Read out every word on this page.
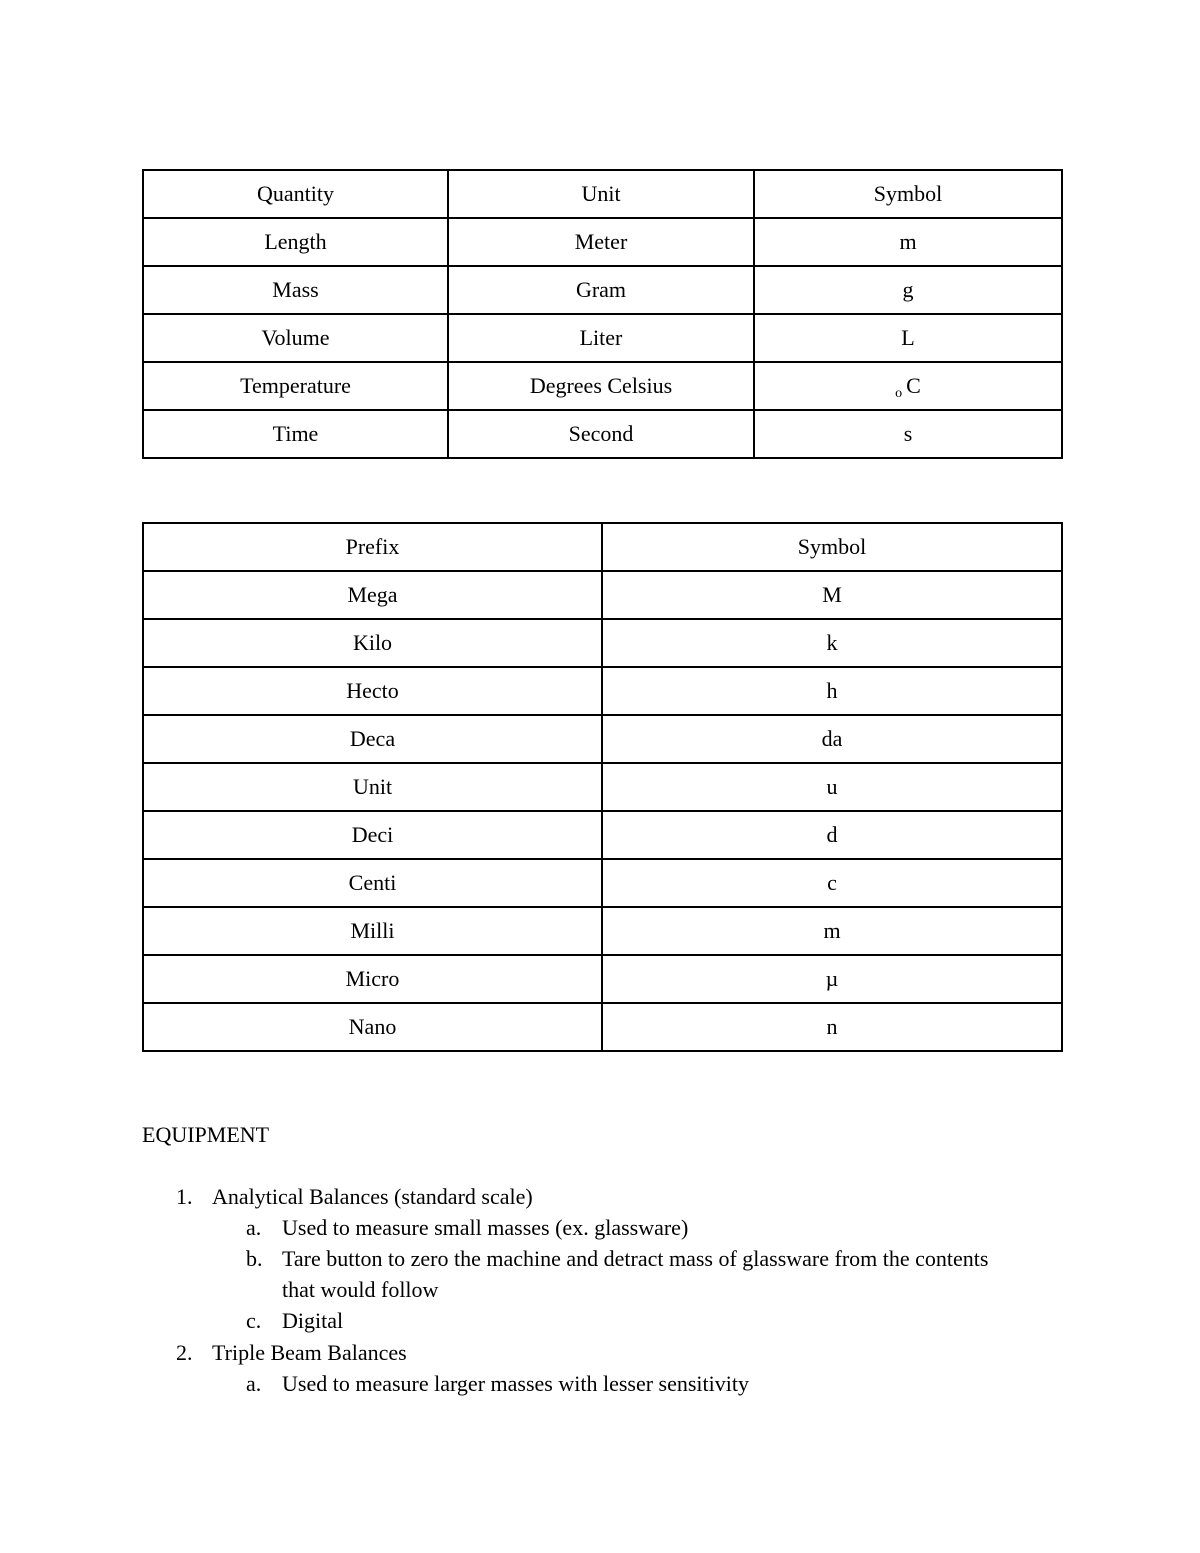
Quantity	Unit	Symbol
Length	Meter	m
Mass	Gram	g
Volume	Liter	L
Temperature	Degrees Celsius	o C
Time	Second	s
Prefix	Symbol
Mega	M
Kilo	k
Hecto	h
Deca	da
Unit	u
Deci	d
Centi	c
Milli	m
Micro	µ
Nano	n
EQUIPMENT
1. Analytical Balances (standard scale)
a. Used to measure small masses (ex. glassware)
b. Tare button to zero the machine and detract mass of glassware from the contents
that would follow
c. Digital
2. Triple Beam Balances
a. Used to measure larger masses with lesser sensitivity
